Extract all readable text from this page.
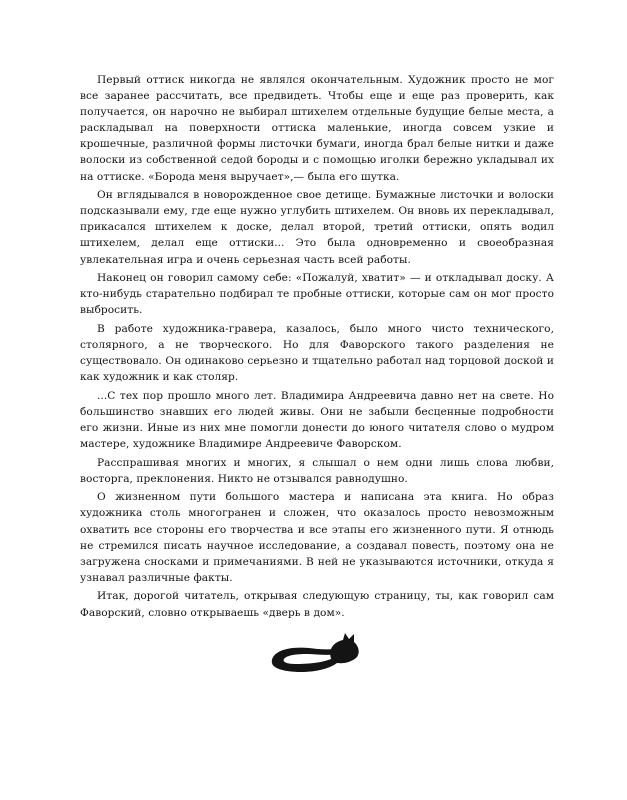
Первый оттиск никогда не являлся окончательным. Художник просто не мог все заранее рассчитать, все предвидеть. Чтобы еще и еще раз проверить, как получается, он нарочно не выбирал штихелем отдельные будущие белые места, а раскладывал на поверхности оттиска маленькие, иногда совсем узкие и крошечные, различной формы листочки бумаги, иногда брал белые нитки и даже волоски из собственной седой бороды и с помощью иголки бережно укладывал их на оттиске. «Борода меня выручает»,— была его шутка.

Он вглядывался в новорожденное свое детище. Бумажные листочки и волоски подсказывали ему, где еще нужно углубить штихелем. Он вновь их перекладывал, прикасался штихелем к доске, делал второй, третий оттиски, опять водил штихелем, делал еще оттиски... Это была одновременно и своеобразная увлекательная игра и очень серьезная часть всей работы.

Наконец он говорил самому себе: «Пожалуй, хватит» — и откладывал доску. А кто-нибудь старательно подбирал те пробные оттиски, которые сам он мог просто выбросить.

В работе художника-гравера, казалось, было много чисто технического, столярного, а не творческого. Но для Фаворского такого разделения не существовало. Он одинаково серьезно и тщательно работал над торцовой доской и как художник и как столяр.

...С тех пор прошло много лет. Владимира Андреевича давно нет на свете. Но большинство знавших его людей живы. Они не забыли бесценные подробности его жизни. Иные из них мне помогли донести до юного читателя слово о мудром мастере, художнике Владимире Андреевиче Фаворском.

Расспрашивая многих и многих, я слышал о нем одни лишь слова любви, восторга, преклонения. Никто не отзывался равнодушно.

О жизненном пути большого мастера и написана эта книга. Но образ художника столь многогранен и сложен, что оказалось просто невозможным охватить все стороны его творчества и все этапы его жизненного пути. Я отнюдь не стремился писать научное исследование, а создавал повесть, поэтому она не загружена сносками и примечаниями. В ней не указываются источники, откуда я узнавал различные факты.

Итак, дорогой читатель, открывая следующую страницу, ты, как говорил сам Фаворский, словно открываешь «дверь в дом».
